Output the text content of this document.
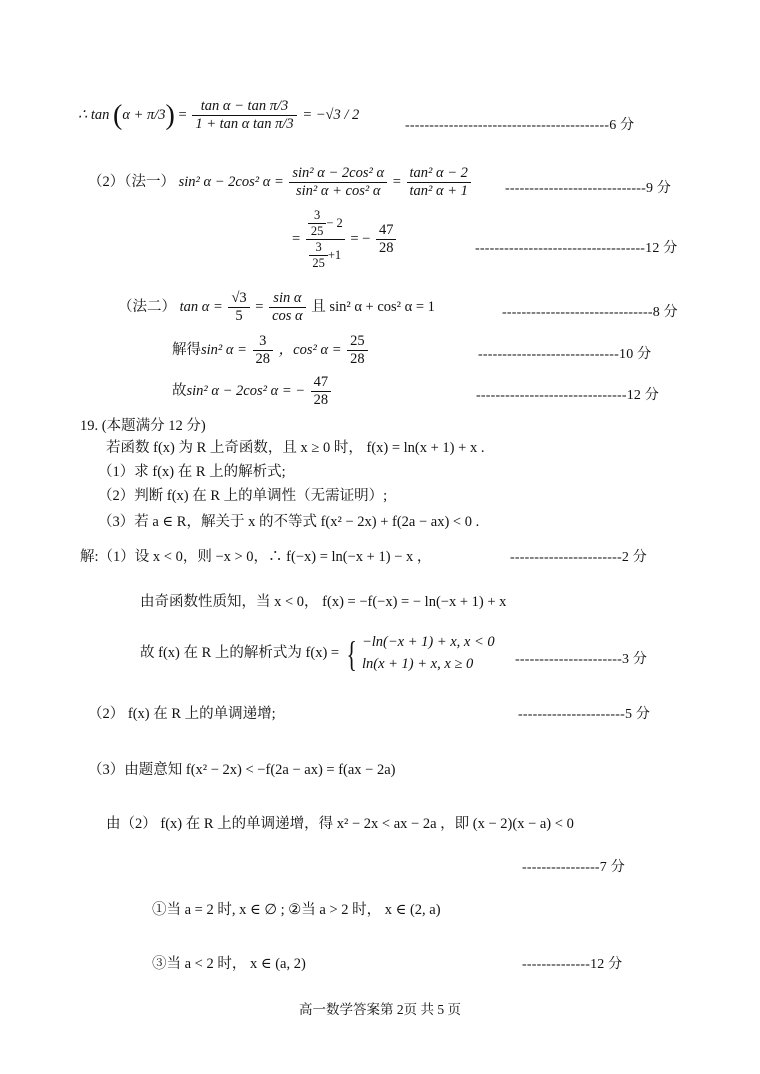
∴ $\tan (\alpha + \pi/3) = \frac{\text{tan α − tan π/3}}{\text{1 + tan α tan π/3}} = -√3 / 2$
------------------------------------------6 分
（2）（法一） sin² α − 2cos² $\alpha = \frac{\text{sin² α − 2cos² α}}{\text{sin² α + cos² α}} = \frac{\text{tan² α − 2}}{\text{tan² α + 1}} -----------------------------9$ 分
= $\frac{\frac{3}{25} - 2}{\frac{3}{25} +1}$ = − $\frac{47}{28}$	-----------------------------------12 分
（法二） $\tan \alpha = \frac{√3}{5} = \frac{\text{sin α}}{\text{cos α}}$ 且 sin² α + cos² α = 1	-------------------------------8 分
解得sin² $\alpha = \frac{3}{28}$ ，cos² $\alpha = \frac{25}{28}$	-----------------------------10 分
故sin² α − 2cos² α = − $\frac{47}{28}$	-------------------------------12 分
19. (本题满分 12 分)
若函数 f(x) 为 R 上奇函数，且 x ≥ 0 时， f(x) = ln(x + 1) + x .
（1）求 f(x) 在 R 上的解析式;
（2）判断 f(x) 在 R 上的单调性（无需证明）;
（3）若 a ∈ R，解关于 x 的不等式 f(x² − 2x) + f(2a − ax) < 0 .
解:（1）设 x < 0，则 −x > 0，∴ f(−x) = ln(−x + 1) − x ，	-----------------------2 分
由奇函数性质知，当 x < 0， f(x) = −f(−x) = − ln(−x + 1) + x
故 f(x) 在 R 上的解析式为 f(x) = { −ln(−x + 1) + x, x < 0
ln(x + 1) + x, x ≥ 0	----------------------3 分
（2） f(x) 在 R 上的单调递增;	----------------------5 分
（3）由题意知 f(x² − 2x) < −f(2a − ax) = f(ax − 2a)
由（2） f(x) 在 R 上的单调递增，得 x² − 2x < ax − 2a ，即 (x − 2)(x − a) < 0
----------------7 分
①当 a = 2 时, x ∈ ∅ ; ②当 a > 2 时， x ∈ (2, a)
③当 a < 2 时， x ∈ (a, 2)	--------------12 分
高一数学答案第 2页 共 5 页
